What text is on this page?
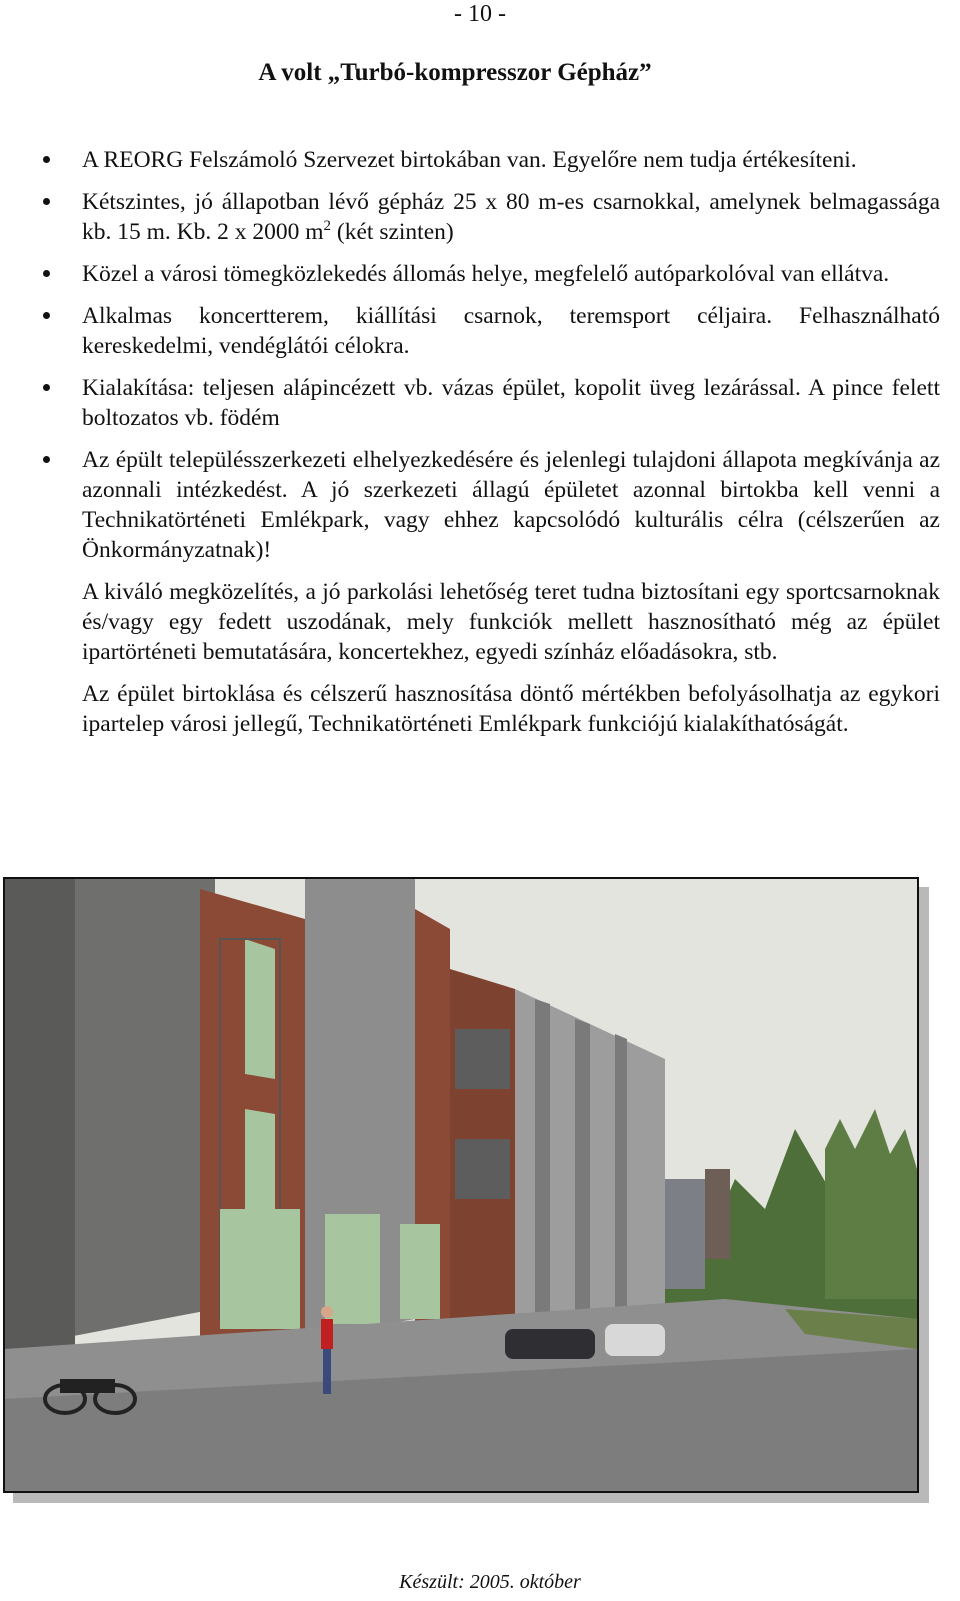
- 10 -
A volt „Turbó-kompresszor Gépház”
A REORG Felszámoló Szervezet birtokában van. Egyelőre nem tudja értékesíteni.
Kétszintes, jó állapotban lévő gépház 25 x 80 m-es csarnokkal, amelynek belmagassága kb. 15 m. Kb. 2 x 2000 $m^2$ (két szinten)
Közel a városi tömegközlekedés állomás helye, megfelelő autóparkolóval van ellátva.
Alkalmas koncertterem, kiállítási csarnok, teremsport céljaira. Felhasználható kereskedelmi, vendéglátói célokra.
Kialakítása: teljesen alápincézett vb. vázas épület, kopolit üveg lezárással. A pince felett boltozatos vb. födém
Az épült településszerkezeti elhelyezkedésére és jelenlegi tulajdoni állapota megkívánja az azonnali intézkedést. A jó szerkezeti állagú épületet azonnal birtokba kell venni a Technikatörténeti Emlékpark, vagy ehhez kapcsolódó kulturális célra (célszerűen az Önkormányzatnak)!

A kiváló megközelítés, a jó parkolási lehetőség teret tudna biztosítani egy sportcsarnoknak és/vagy egy fedett uszodának, mely funkciók mellett hasznosítható még az épület ipartörténeti bemutatására, koncertekhez, egyedi színház előadásokra, stb.

Az épület birtoklása és célszerű hasznosítása döntő mértékben befolyásolhatja az egykori ipartelep városi jellegű, Technikatörténeti Emlékpark funkciójú kialakíthatóságát.

Készült: 2005. október
